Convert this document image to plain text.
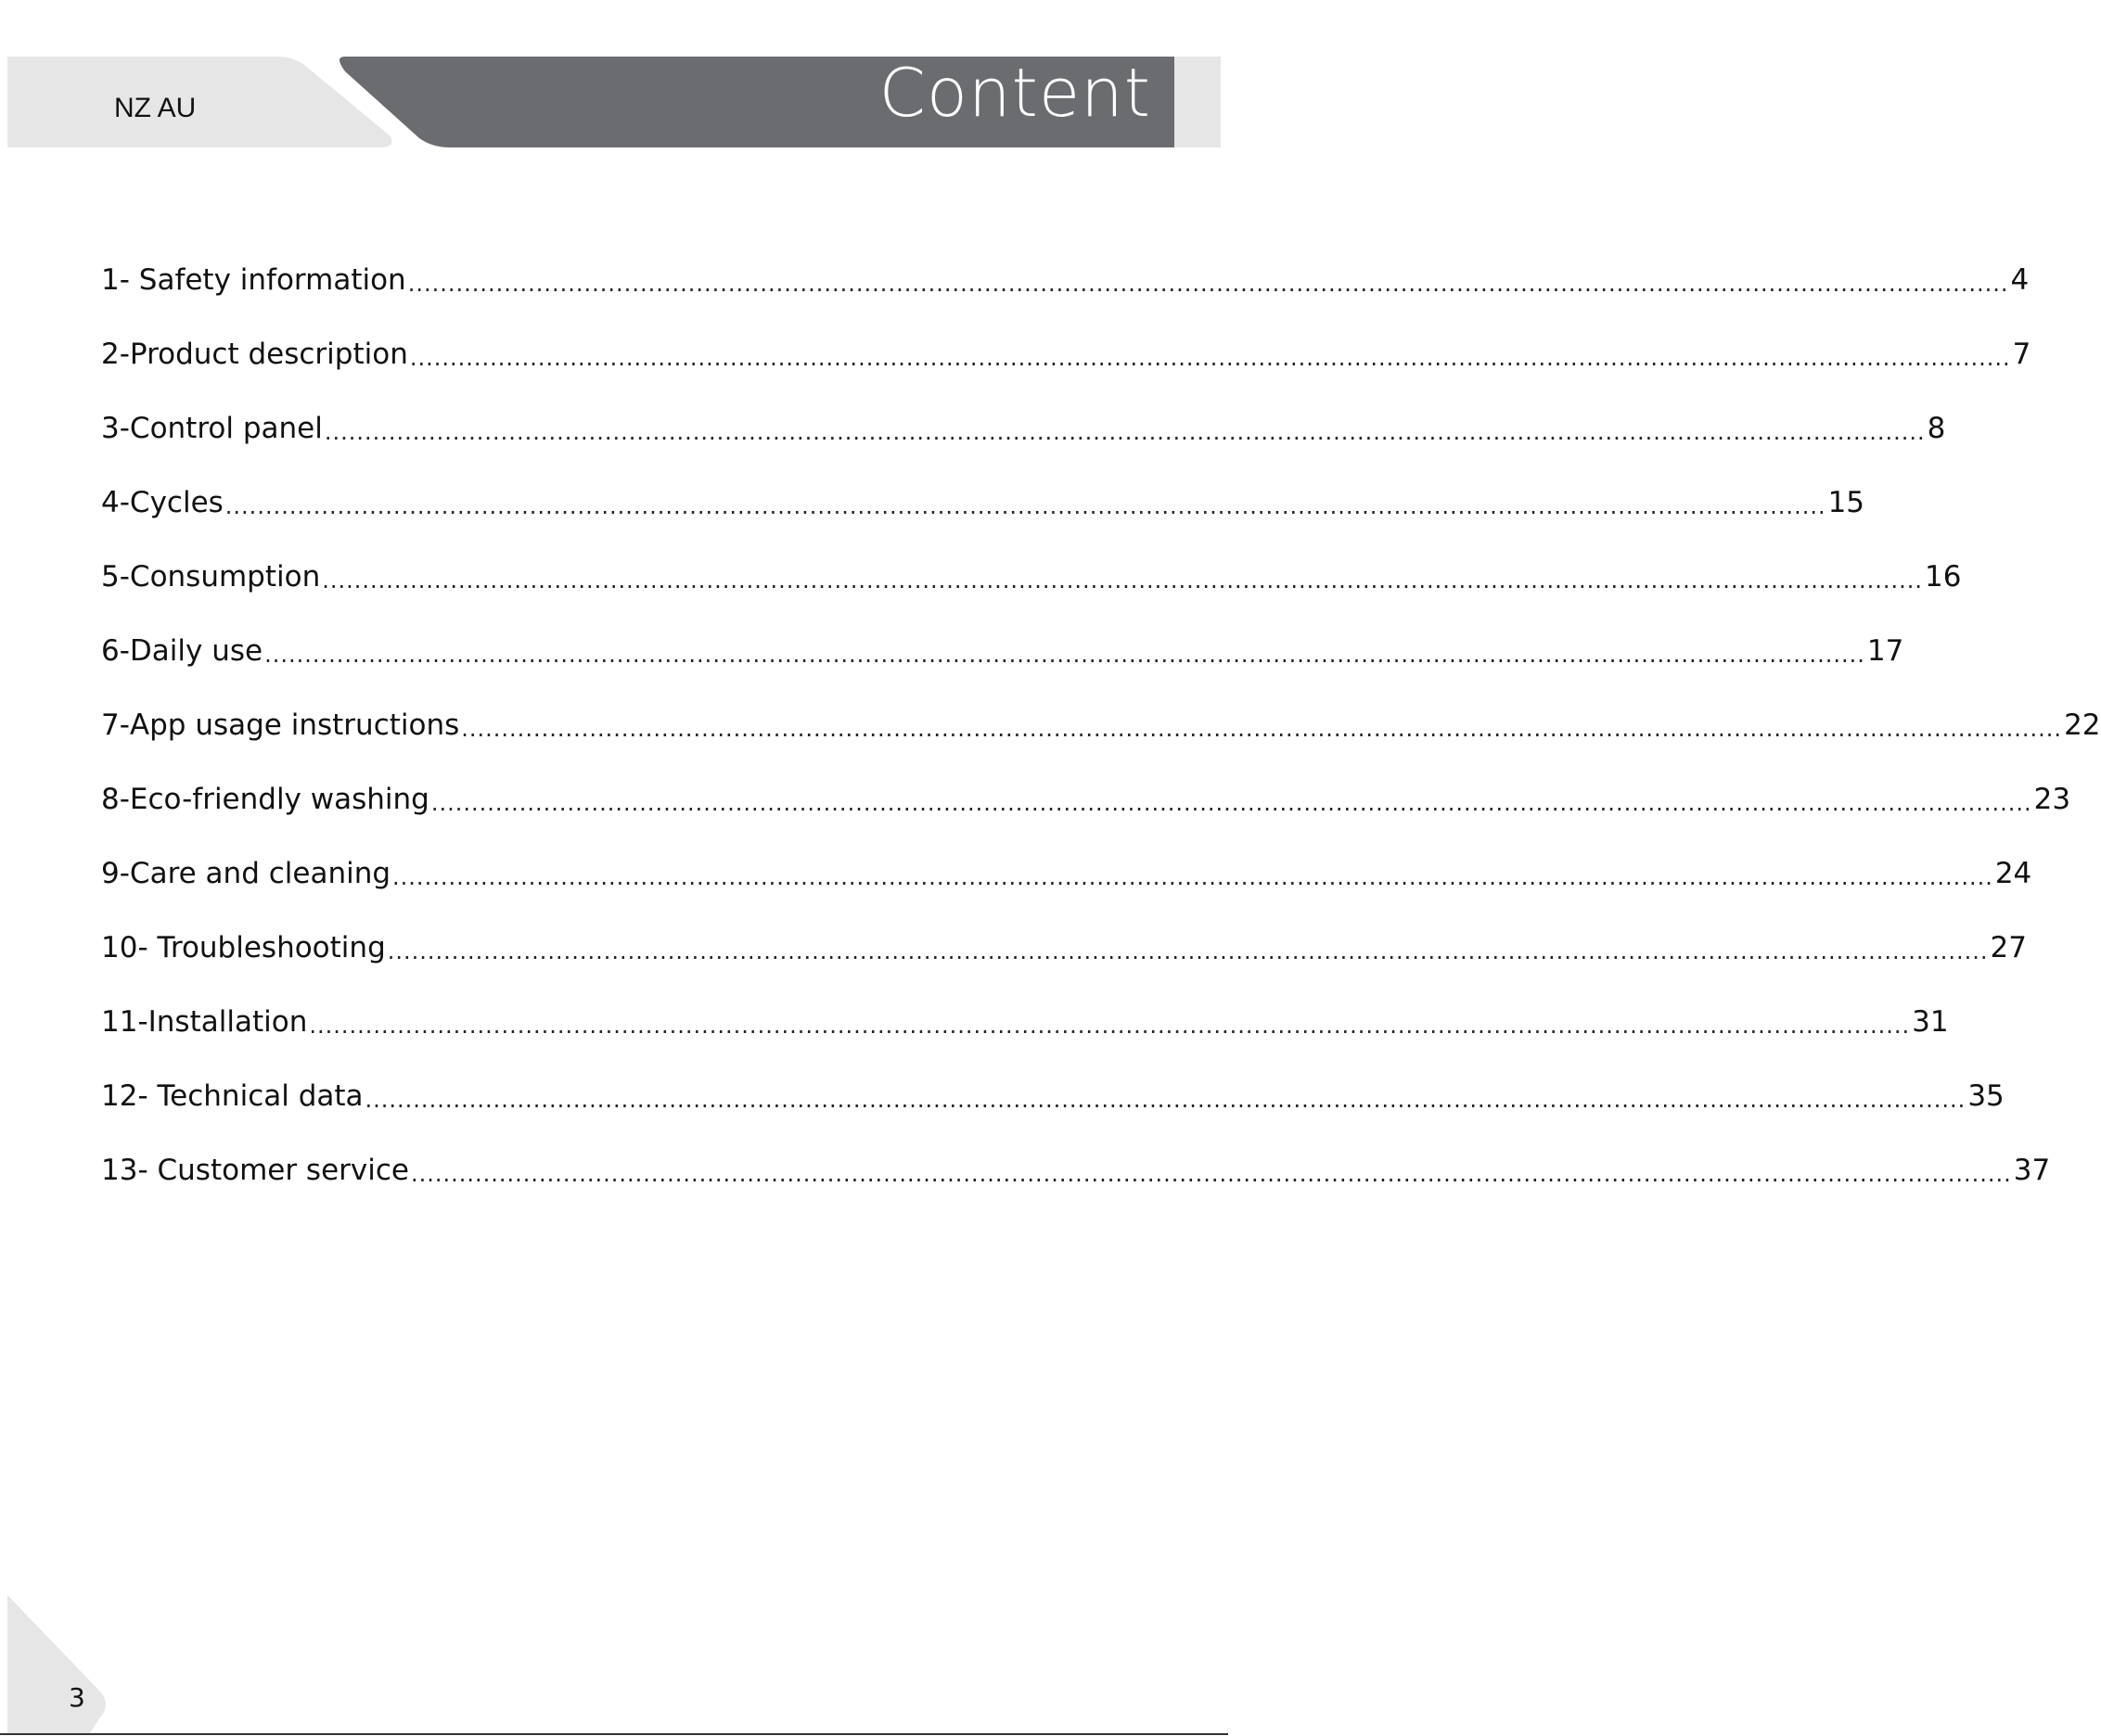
NZ AU	Content
1- Safety information ........................................................................................................................................................................................................ 4
2- Product description ........................................................................................................................................................................................................ 7
3- Control panel ........................................................................................................................................................................................................ 8
4- Cycles ........................................................................................................................................................................................................ 15
5- Consumption ........................................................................................................................................................................................................ 16
6- Daily use ........................................................................................................................................................................................................ 17
7- App usage instructions ........................................................................................................................................................................................................ 22
8- Eco-friendly washing ........................................................................................................................................................................................................ 23
9- Care and cleaning ........................................................................................................................................................................................................ 24
10- Troubleshooting ........................................................................................................................................................................................................ 27
11- Installation ........................................................................................................................................................................................................ 31
12- Technical data ........................................................................................................................................................................................................ 35
13- Customer service ........................................................................................................................................................................................................ 37
3
